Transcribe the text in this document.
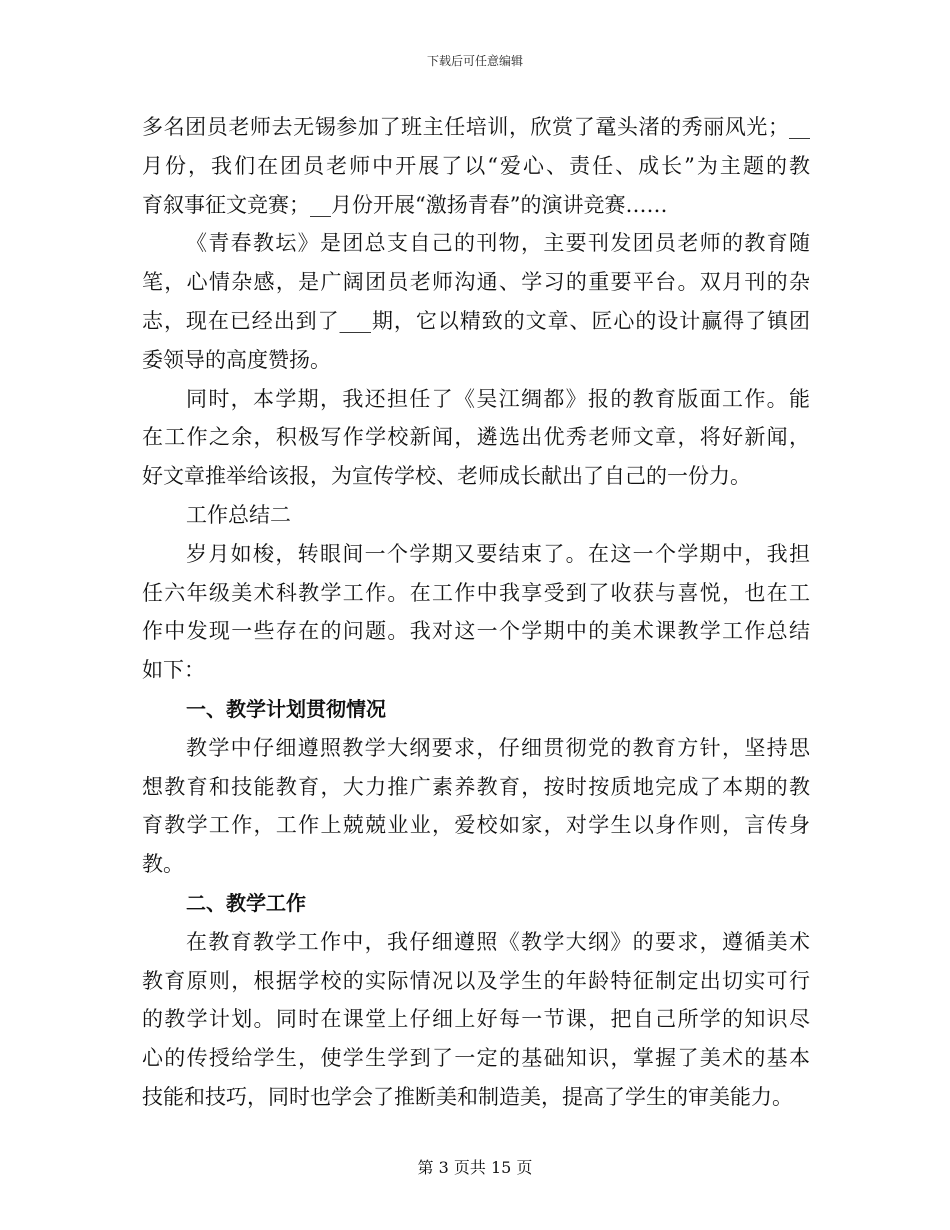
下载后可任意编辑
多名团员老师去无锡参加了班主任培训，欣赏了鼋头渚的秀丽风光；__
月份，我们在团员老师中开展了以“爱心、责任、成长”为主题的教
育叙事征文竞赛；__月份开展“激扬青春”的演讲竞赛……
《青春教坛》是团总支自己的刊物，主要刊发团员老师的教育随
笔，心情杂感，是广阔团员老师沟通、学习的重要平台。双月刊的杂
志，现在已经出到了___期，它以精致的文章、匠心的设计赢得了镇团
委领导的高度赞扬。
同时，本学期，我还担任了《吴江绸都》报的教育版面工作。能
在工作之余，积极写作学校新闻，遴选出优秀老师文章，将好新闻，
好文章推举给该报，为宣传学校、老师成长献出了自己的一份力。
工作总结二
岁月如梭，转眼间一个学期又要结束了。在这一个学期中，我担
任六年级美术科教学工作。在工作中我享受到了收获与喜悦，也在工
作中发现一些存在的问题。我对这一个学期中的美术课教学工作总结
如下：
一、教学计划贯彻情况
教学中仔细遵照教学大纲要求，仔细贯彻党的教育方针，坚持思
想教育和技能教育，大力推广素养教育，按时按质地完成了本期的教
育教学工作，工作上兢兢业业，爱校如家，对学生以身作则，言传身
教。
二、教学工作
在教育教学工作中，我仔细遵照《教学大纲》的要求，遵循美术
教育原则，根据学校的实际情况以及学生的年龄特征制定出切实可行
的教学计划。同时在课堂上仔细上好每一节课，把自己所学的知识尽
心的传授给学生，使学生学到了一定的基础知识，掌握了美术的基本
技能和技巧，同时也学会了推断美和制造美，提高了学生的审美能力。
第 3 页共 15 页
